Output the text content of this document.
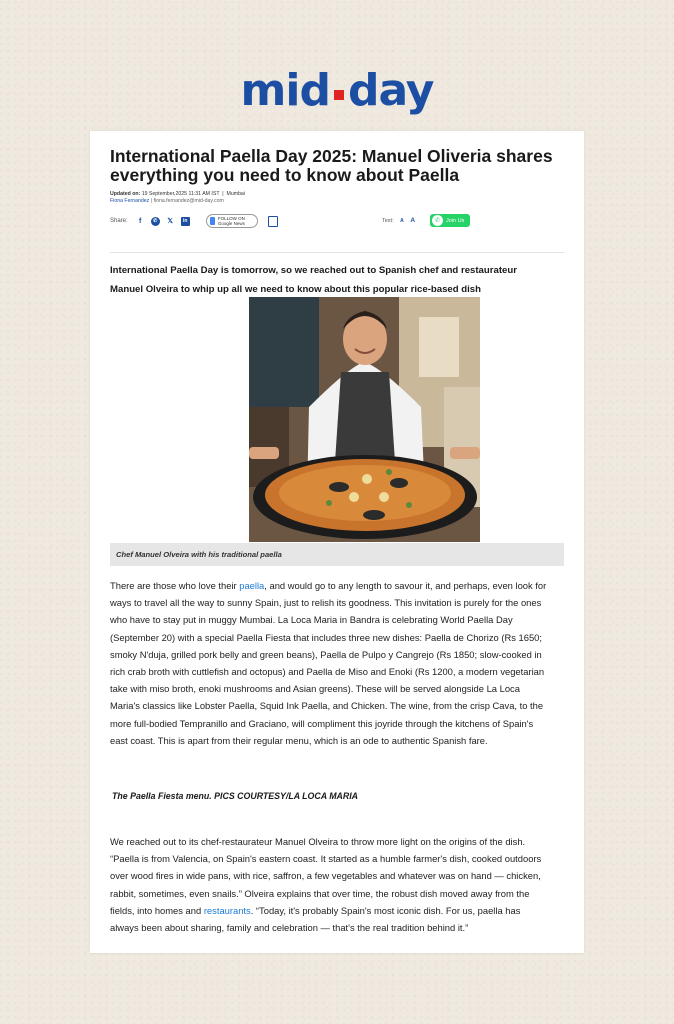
mid day
International Paella Day 2025: Manuel Oliveria shares everything you need to know about Paella
Updated on: 19 September,2025 11:31 AM IST  |  Mumbai
Fiona Fernandez | fiona.fernandez@mid-day.com
Share:	f	✆	𝕏	in	FOLLOW ON Google News	Text: A A	✆	Join Us

International Paella Day is tomorrow, so we reached out to Spanish chef and restaurateur Manuel Olveira to whip up all we need to know about this popular rice-based dish

Chef Manuel Olveira with his traditional paella

There are those who love their paella, and would go to any length to savour it, and perhaps, even look for ways to travel all the way to sunny Spain, just to relish its goodness. This invitation is purely for the ones who have to stay put in muggy Mumbai. La Loca Maria in Bandra is celebrating World Paella Day (September 20) with a special Paella Fiesta that includes three new dishes: Paella de Chorizo (Rs 1650; smoky N'duja, grilled pork belly and green beans), Paella de Pulpo y Cangrejo (Rs 1850; slow-cooked in rich crab broth with cuttlefish and octopus) and Paella de Miso and Enoki (Rs 1200, a modern vegetarian take with miso broth, enoki mushrooms and Asian greens). These will be served alongside La Loca Maria's classics like Lobster Paella, Squid Ink Paella, and Chicken. The wine, from the crisp Cava, to the more full-bodied Tempranillo and Graciano, will compliment this joyride through the kitchens of Spain's east coast. This is apart from their regular menu, which is an ode to authentic Spanish fare.

The Paella Fiesta menu. PICS COURTESY/LA LOCA MARIA

We reached out to its chef-restaurateur Manuel Olveira to throw more light on the origins of the dish. “Paella is from Valencia, on Spain's eastern coast. It started as a humble farmer's dish, cooked outdoors over wood fires in wide pans, with rice, saffron, a few vegetables and whatever was on hand — chicken, rabbit, sometimes, even snails.” Olveira explains that over time, the robust dish moved away from the fields, into homes and restaurants. “Today, it's probably Spain's most iconic dish. For us, paella has always been about sharing, family and celebration — that's the real tradition behind it.”
